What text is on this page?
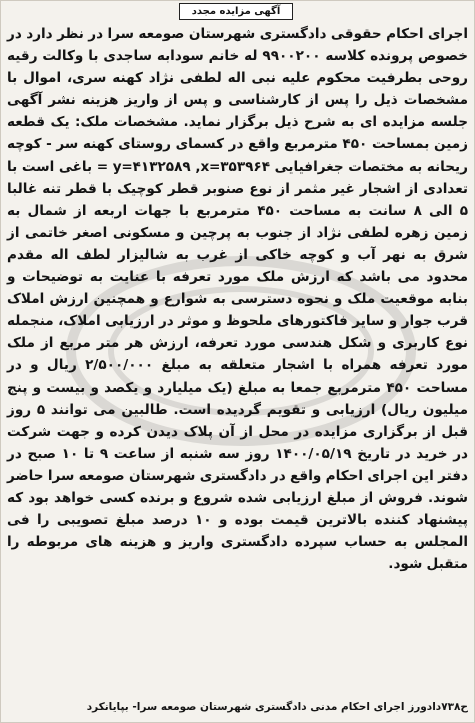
آگهی مزایده مجدد

اجرای احکام حقوقی دادگستری شهرستان صومعه سرا در نظر دارد در خصوص پرونده کلاسه ۹۹۰۰۲۰۰ له خانم سودابه ساجدی با وکالت رقیه روحی بطرفیت محکوم علیه نبی اله لطفی نژاد کهنه سری، اموال با مشخصات ذیل را پس از کارشناسی و پس از واریز هزینه نشر آگهی جلسه مزایده ای به شرح ذیل برگزار نماید. مشخصات ملک: یک قطعه زمین بمساحت ۴۵۰ مترمربع واقع در کسمای روستای کهنه سر - کوچه ریحانه به مختصات جغرافیایی y=۴۱۳۲۵۸۹ ,x=۳۵۳۹۶۴ = باغی است با تعدادی از اشجار غیر مثمر از نوع صنوبر قطر کوچیک با قطر تنه غالبا ۵ الی ۸ سانت به مساحت ۴۵۰ مترمربع با جهات اربعه از شمال به زمین زهره لطفی نژاد از جنوب به پرچین و مسکونی اصغر خاتمی از شرق به نهر آب و کوچه خاکی از غرب به شالیزار لطف اله مقدم محدود می باشد که ارزش ملک مورد تعرفه با عنایت به توضیحات و بنابه موقعیت ملک و نحوه دسترسی به شوارع و همچنین ارزش املاک قرب جوار و سایر فاکتورهای ملحوظ و موثر در ارزیابی املاک، منجمله نوع کاربری و شکل هندسی مورد تعرفه، ارزش هر متر مربع از ملک مورد تعرفه همراه با اشجار متعلقه به مبلغ ۲/۵۰۰/۰۰۰ ریال و در مساحت ۴۵۰ مترمربع جمعا به مبلغ (یک میلیارد و یکصد و بیست و پنج میلیون ریال) ارزیابی و تقویم گردیده است. طالبین می توانند ۵ روز قبل از برگزاری مزایده در محل از آن پلاک دیدن کرده و جهت شرکت در خرید در تاریخ ۱۴۰۰/۰۵/۱۹ روز سه شنبه از ساعت ۹ تا ۱۰ صبح در دفتر این اجرای احکام واقع در دادگستری شهرستان صومعه سرا حاضر شوند. فروش از مبلغ ارزیابی شده شروع و برنده کسی خواهد بود که پیشنهاد کننده بالاترین قیمت بوده و ۱۰ درصد مبلغ تصویبی را فی المجلس به حساب سپرده دادگستری واریز و هزینه های مربوطه را متقبل شود.

ح۷۳۸دادورز اجرای احکام مدنی دادگستری شهرستان صومعه سرا- بپایانکرد
